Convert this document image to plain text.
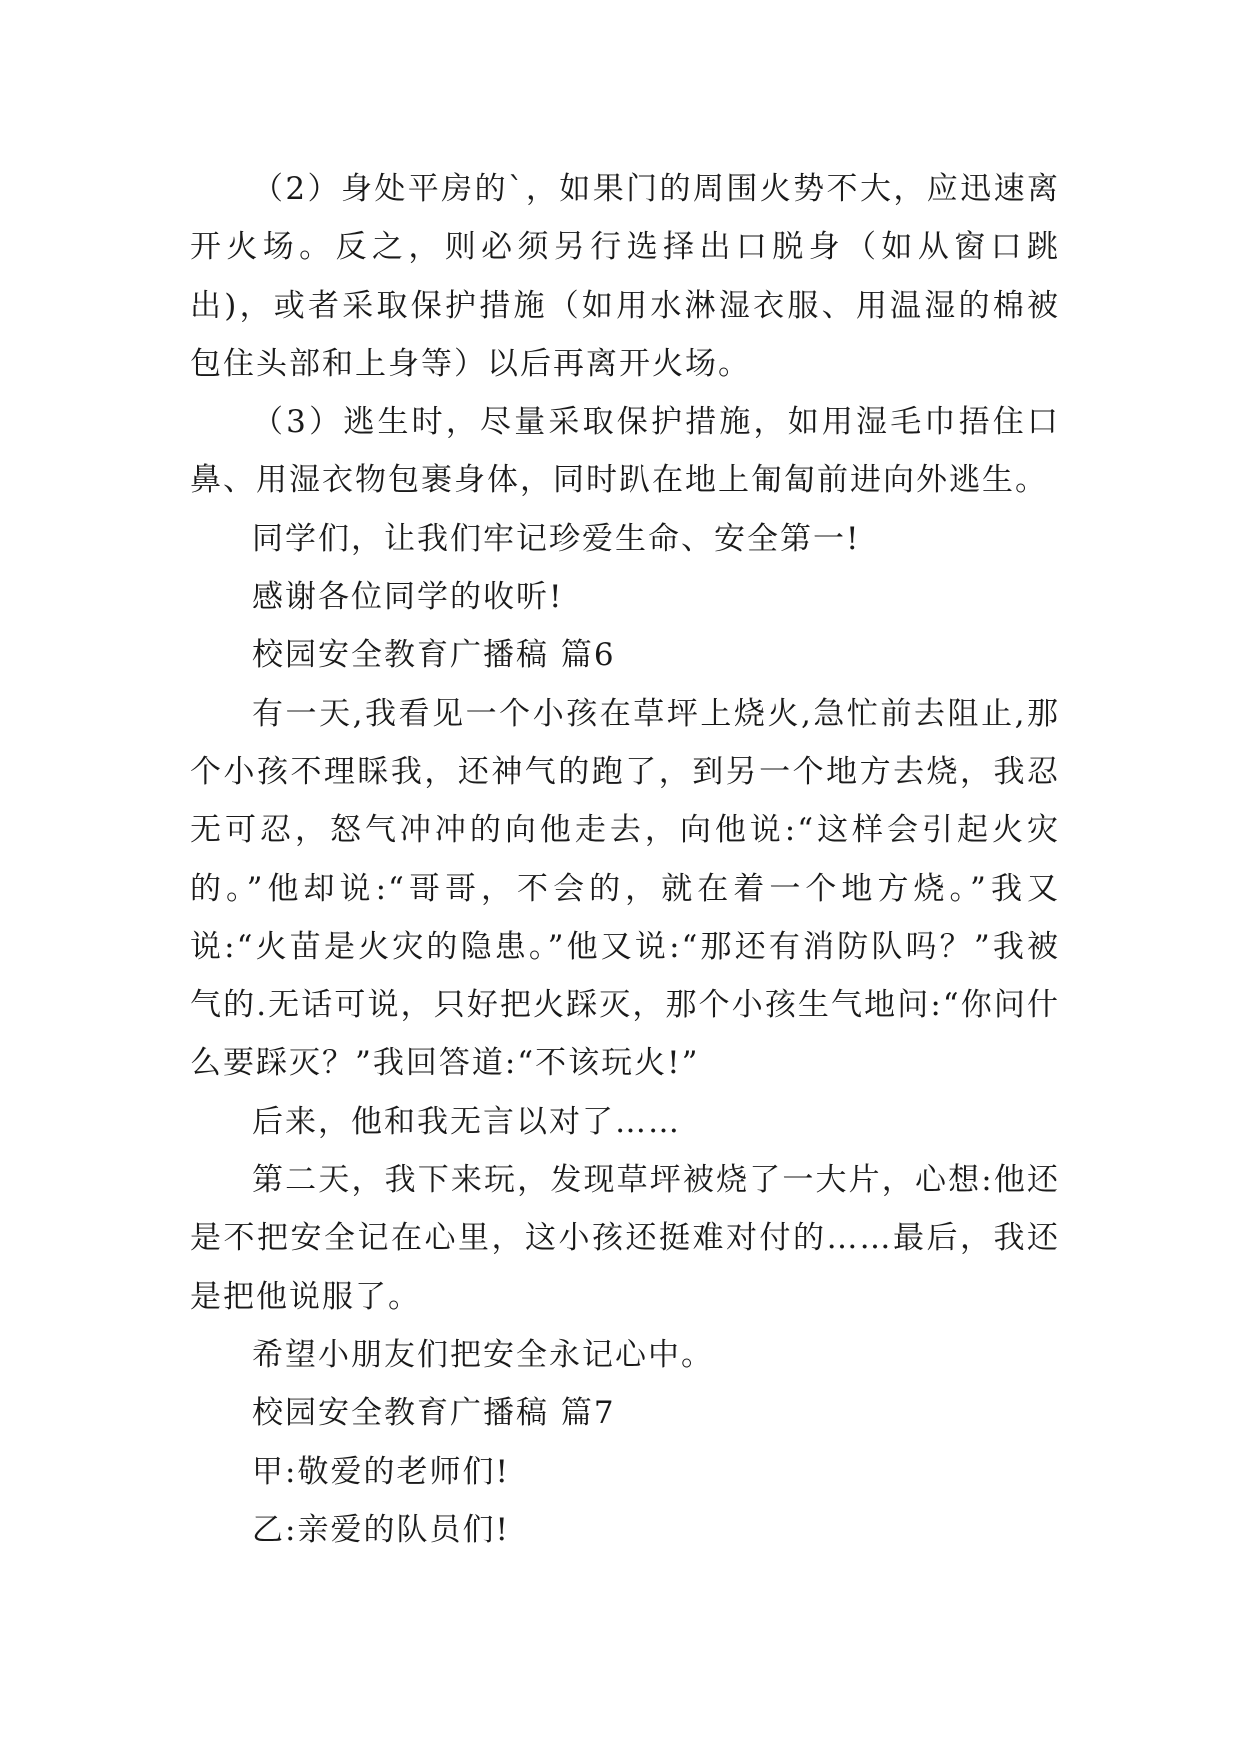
（2）身处平房的`，如果门的周围火势不大，应迅速离开火场。反之，则必须另行选择出口脱身（如从窗口跳出)，或者采取保护措施（如用水淋湿衣服、用温湿的棉被包住头部和上身等）以后再离开火场。

（3）逃生时，尽量采取保护措施，如用湿毛巾捂住口鼻、用湿衣物包裹身体，同时趴在地上匍匐前进向外逃生。

同学们，让我们牢记珍爱生命、安全第一!

感谢各位同学的收听!

校园安全教育广播稿 篇6

有一天,我看见一个小孩在草坪上烧火,急忙前去阻止,那个小孩不理睬我，还神气的跑了，到另一个地方去烧，我忍无可忍，怒气冲冲的向他走去，向他说:“这样会引起火灾的。”他却说:“哥哥，不会的，就在着一个地方烧。”我又说:“火苗是火灾的隐患。”他又说:“那还有消防队吗？”我被气的.无话可说，只好把火踩灭，那个小孩生气地问:“你问什么要踩灭？”我回答道:“不该玩火!”

后来，他和我无言以对了……

第二天，我下来玩，发现草坪被烧了一大片，心想:他还是不把安全记在心里，这小孩还挺难对付的……最后，我还是把他说服了。

希望小朋友们把安全永记心中。

校园安全教育广播稿 篇7

甲:敬爱的老师们!

乙:亲爱的队员们!
